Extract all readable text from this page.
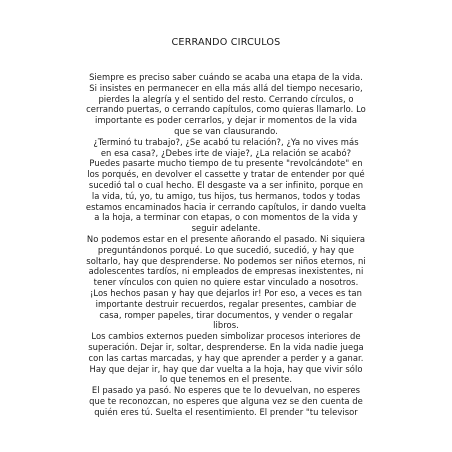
CERRANDO CIRCULOS
Siempre es preciso saber cuándo se acaba una etapa de la vida.
Si insistes en permanecer en ella más allá del tiempo necesario,
pierdes la alegría y el sentido del resto. Cerrando círculos, o
cerrando puertas, o cerrando capítulos, como quieras llamarlo. Lo
importante es poder cerrarlos, y dejar ir momentos de la vida
que se van clausurando.
¿Terminó tu trabajo?, ¿Se acabó tu relación?, ¿Ya no vives más
en esa casa?, ¿Debes irte de viaje?, ¿La relación se acabó?
Puedes pasarte mucho tiempo de tu presente "revolcándote" en
los porqués, en devolver el cassette y tratar de entender por qué
sucedió tal o cual hecho. El desgaste va a ser infinito, porque en
la vida, tú, yo, tu amigo, tus hijos, tus hermanos, todos y todas
estamos encaminados hacia ir cerrando capítulos, ir dando vuelta
a la hoja, a terminar con etapas, o con momentos de la vida y
seguir adelante.
No podemos estar en el presente añorando el pasado. Ni siquiera
preguntándonos porqué. Lo que sucedió, sucedió, y hay que
soltarlo, hay que desprenderse. No podemos ser niños eternos, ni
adolescentes tardíos, ni empleados de empresas inexistentes, ni
tener vínculos con quien no quiere estar vinculado a nosotros.
¡Los hechos pasan y hay que dejarlos ir! Por eso, a veces es tan
importante destruir recuerdos, regalar presentes, cambiar de
casa, romper papeles, tirar documentos, y vender o regalar
libros.
Los cambios externos pueden simbolizar procesos interiores de
superación. Dejar ir, soltar, desprenderse. En la vida nadie juega
con las cartas marcadas, y hay que aprender a perder y a ganar.
Hay que dejar ir, hay que dar vuelta a la hoja, hay que vivir sólo
lo que tenemos en el presente.
El pasado ya pasó. No esperes que te lo devuelvan, no esperes
que te reconozcan, no esperes que alguna vez se den cuenta de
quién eres tú. Suelta el resentimiento. El prender "tu televisor
